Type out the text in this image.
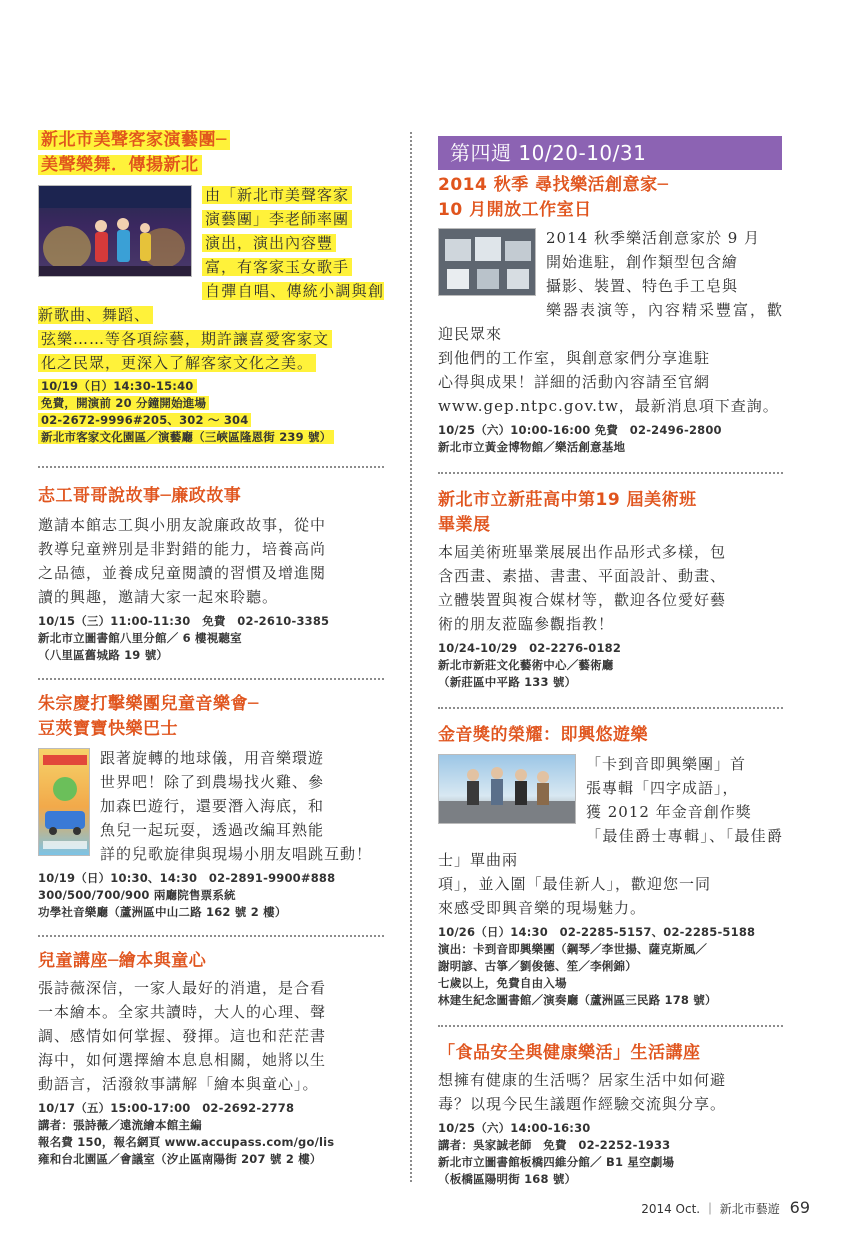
新北市美聲客家演藝團─
美聲樂舞．傳揚新北
由「新北市美聲客家
演藝團」李老師率團
演出，演出內容豐
富，有客家玉女歌手
自彈自唱、傳統小調與創新歌曲、舞蹈、
弦樂……等各項綜藝，期許讓喜愛客家文
化之民眾，更深入了解客家文化之美。
10/19（日）14:30-15:40
免費，開演前 20 分鐘開始進場
02-2672-9996#205、302 ～ 304
新北市客家文化園區／演藝廳（三峽區隆恩街 239 號）
志工哥哥說故事─廉政故事
邀請本館志工與小朋友說廉政故事，從中
教導兒童辨別是非對錯的能力，培養高尚
之品德，並養成兒童閱讀的習慣及增進閱
讀的興趣，邀請大家一起來聆聽。
10/15（三）11:00-11:30　免費　02-2610-3385
新北市立圖書館八里分館／ 6 樓視聽室
（八里區舊城路 19 號）
朱宗慶打擊樂團兒童音樂會─
豆莢寶寶快樂巴士
跟著旋轉的地球儀，用音樂環遊
世界吧！除了到農場找火雞、參
加森巴遊行，還要潛入海底，和
魚兒一起玩耍，透過改編耳熟能
詳的兒歌旋律與現場小朋友唱跳互動！
10/19（日）10:30、14:30　02-2891-9900#888
300/500/700/900 兩廳院售票系統
功學社音樂廳（蘆洲區中山二路 162 號 2 樓）
兒童講座─繪本與童心
張詩薇深信，一家人最好的消遣，是合看
一本繪本。全家共讀時，大人的心理、聲
調、感情如何掌握、發揮。這也和茫茫書
海中，如何選擇繪本息息相關，她將以生
動語言，活潑敘事講解「繪本與童心」。
10/17（五）15:00-17:00　02-2692-2778
講者：張詩薇／遠流繪本館主編
報名費 150，報名網頁 www.accupass.com/go/lis
雍和台北園區／會議室（汐止區南陽街 207 號 2 樓）
第四週 10/20-10/31
2014 秋季 尋找樂活創意家─
10 月開放工作室日
2014 秋季樂活創意家於 9 月
開始進駐，創作類型包含繪
攝影、裝置、特色手工皂與
樂器表演等，內容精采豐富，歡迎民眾來
到他們的工作室，與創意家們分享進駐
心得與成果！詳細的活動內容請至官網
www.gep.ntpc.gov.tw，最新消息項下查詢。
10/25（六）10:00-16:00 免費　02-2496-2800
新北市立黃金博物館／樂活創意基地
新北市立新莊高中第19 屆美術班
畢業展
本屆美術班畢業展展出作品形式多樣，包
含西畫、素描、書畫、平面設計、動畫、
立體裝置與複合媒材等，歡迎各位愛好藝
術的朋友蒞臨參觀指教！
10/24-10/29　02-2276-0182
新北市新莊文化藝術中心／藝術廳
（新莊區中平路 133 號）
金音獎的榮耀：即興悠遊樂
「卡到音即興樂團」首
張專輯「四字成語」，
獲 2012 年金音創作獎
「最佳爵士專輯」、「最佳爵士」單曲兩
項」，並入圍「最佳新人」，歡迎您一同
來感受即興音樂的現場魅力。
10/26（日）14:30　02-2285-5157、02-2285-5188
演出：卡到音即興樂團（鋼琴／李世揚、薩克斯風／
謝明諺、古箏／劉俊德、笙／李俐錦）
七歲以上，免費自由入場
林建生紀念圖書館／演奏廳（蘆洲區三民路 178 號）
「食品安全與健康樂活」生活講座
想擁有健康的生活嗎？居家生活中如何避
毒？以現今民生議題作經驗交流與分享。
10/25（六）14:00-16:30
講者：吳家誠老師　免費　02-2252-1933
新北市立圖書館板橋四維分館／ B1 星空劇場
（板橋區陽明街 168 號）
2014 Oct. ｜ 新北市藝遊 69
